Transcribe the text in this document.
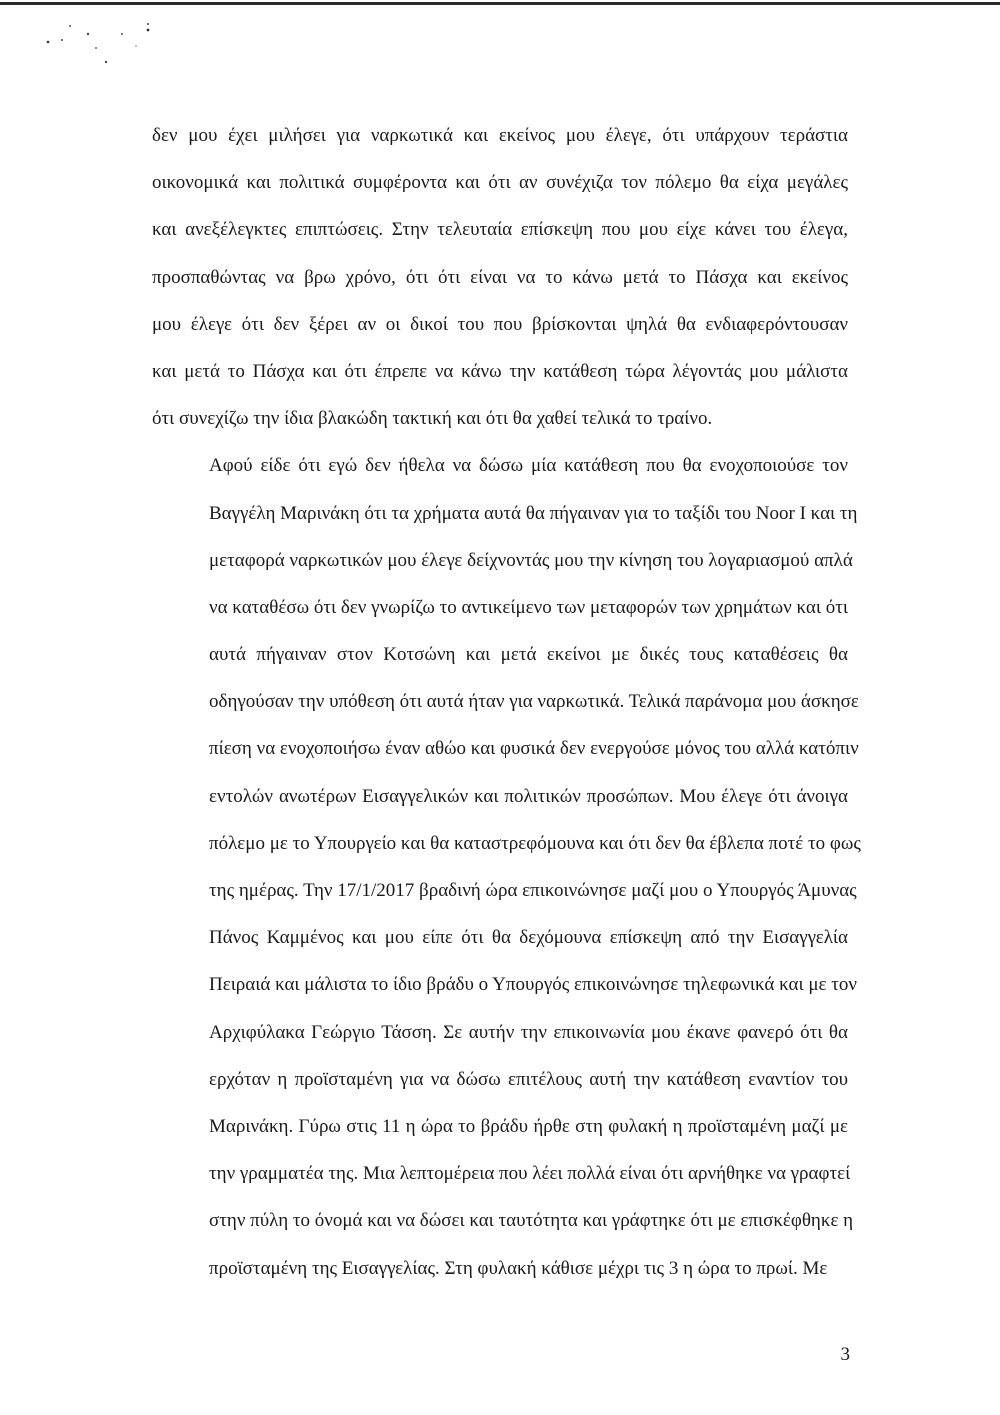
δεν μου έχει μιλήσει για ναρκωτικά και εκείνος μου έλεγε, ότι υπάρχουν τεράστια
οικονομικά και πολιτικά συμφέροντα και ότι αν συνέχιζα τον πόλεμο θα είχα μεγάλες
και ανεξέλεγκτες επιπτώσεις. Στην τελευταία επίσκεψη που μου είχε κάνει του έλεγα,
προσπαθώντας να βρω χρόνο, ότι ότι είναι να το κάνω μετά το Πάσχα και εκείνος
μου έλεγε ότι δεν ξέρει αν οι δικοί του που βρίσκονται ψηλά θα ενδιαφερόντουσαν
και μετά το Πάσχα και ότι έπρεπε να κάνω την κατάθεση τώρα λέγοντάς μου μάλιστα
ότι συνεχίζω την ίδια βλακώδη τακτική και ότι θα χαθεί τελικά το τραίνο.

Αφού είδε ότι εγώ δεν ήθελα να δώσω μία κατάθεση που θα ενοχοποιούσε τον
Βαγγέλη Μαρινάκη ότι τα χρήματα αυτά θα πήγαιναν για το ταξίδι του Noor I και τη
μεταφορά ναρκωτικών μου έλεγε δείχνοντάς μου την κίνηση του λογαριασμού απλά
να καταθέσω ότι δεν γνωρίζω το αντικείμενο των μεταφορών των χρημάτων και ότι
αυτά πήγαιναν στον Κοτσώνη και μετά εκείνοι με δικές τους καταθέσεις θα
οδηγούσαν την υπόθεση ότι αυτά ήταν για ναρκωτικά. Τελικά παράνομα μου άσκησε
πίεση να ενοχοποιήσω έναν αθώο και φυσικά δεν ενεργούσε μόνος του αλλά κατόπιν
εντολών ανωτέρων Εισαγγελικών και πολιτικών προσώπων. Μου έλεγε ότι άνοιγα
πόλεμο με το Υπουργείο και θα καταστρεφόμουνα και ότι δεν θα έβλεπα ποτέ το φως
της ημέρας. Την 17/1/2017 βραδινή ώρα επικοινώνησε μαζί μου ο Υπουργός Άμυνας
Πάνος Καμμένος και μου είπε ότι θα δεχόμουνα επίσκεψη από την Εισαγγελία
Πειραιά και μάλιστα το ίδιο βράδυ ο Υπουργός επικοινώνησε τηλεφωνικά και με τον
Αρχιφύλακα Γεώργιο Τάσση. Σε αυτήν την επικοινωνία μου έκανε φανερό ότι θα
ερχόταν η προϊσταμένη για να δώσω επιτέλους αυτή την κατάθεση εναντίον του
Μαρινάκη. Γύρω στις 11 η ώρα το βράδυ ήρθε στη φυλακή η προϊσταμένη μαζί με
την γραμματέα της. Μια λεπτομέρεια που λέει πολλά είναι ότι αρνήθηκε να γραφτεί
στην πύλη το όνομά και να δώσει και ταυτότητα και γράφτηκε ότι με επισκέφθηκε η
προϊσταμένη της Εισαγγελίας. Στη φυλακή κάθισε μέχρι τις 3 η ώρα το πρωί. Με

3
